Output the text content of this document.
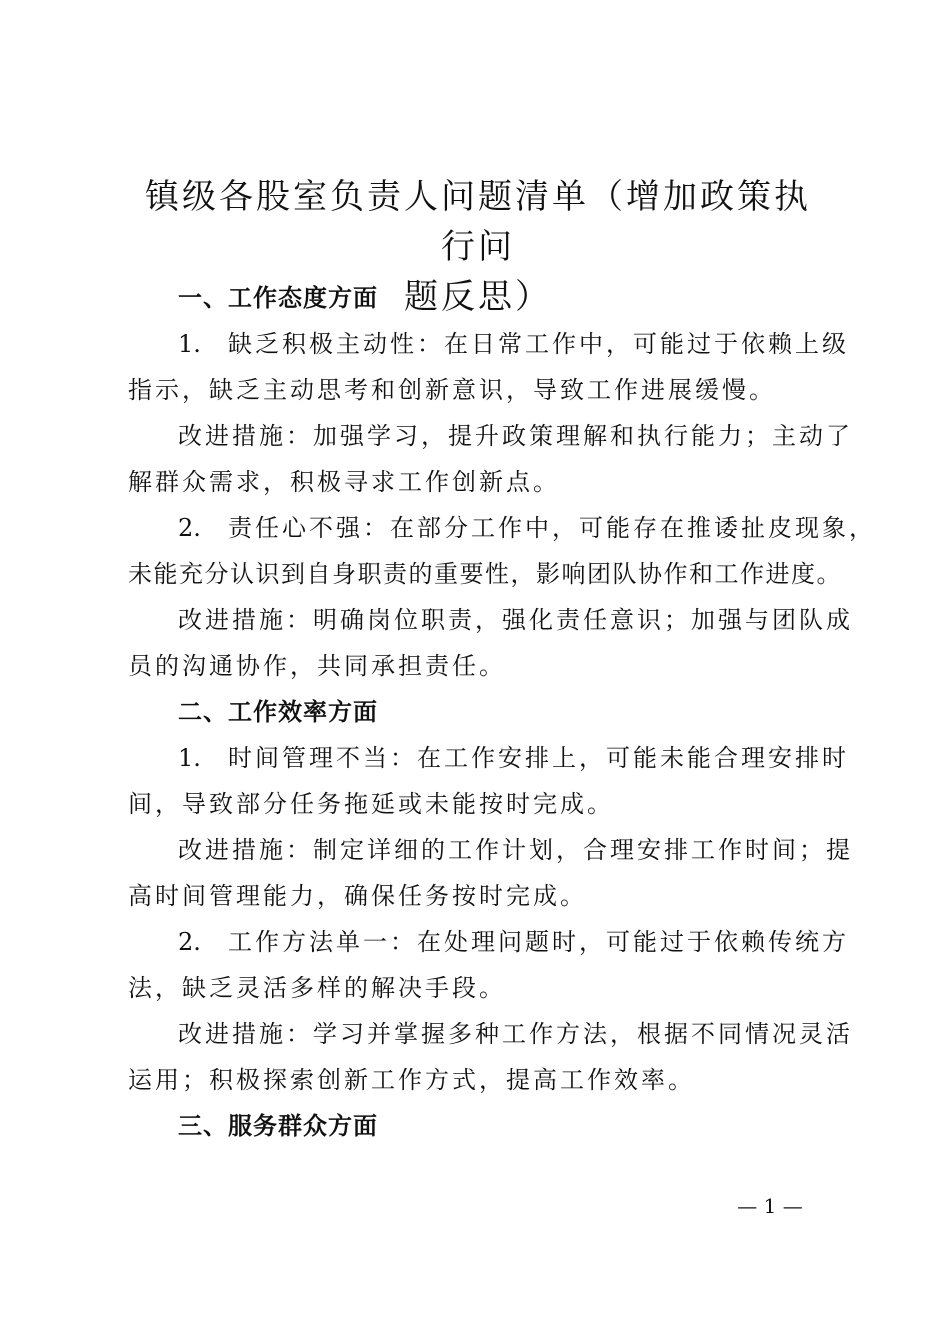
镇级各股室负责人问题清单（增加政策执行问
题反思）

一、工作态度方面

1. 缺乏积极主动性：在日常工作中，可能过于依赖上级

指示，缺乏主动思考和创新意识，导致工作进展缓慢。

改进措施：加强学习，提升政策理解和执行能力；主动了

解群众需求，积极寻求工作创新点。

2. 责任心不强：在部分工作中，可能存在推诿扯皮现象，

未能充分认识到自身职责的重要性，影响团队协作和工作进度。

改进措施：明确岗位职责，强化责任意识；加强与团队成

员的沟通协作，共同承担责任。

二、工作效率方面

1. 时间管理不当：在工作安排上，可能未能合理安排时

间，导致部分任务拖延或未能按时完成。

改进措施：制定详细的工作计划，合理安排工作时间；提

高时间管理能力，确保任务按时完成。

2. 工作方法单一：在处理问题时，可能过于依赖传统方

法，缺乏灵活多样的解决手段。

改进措施：学习并掌握多种工作方法，根据不同情况灵活

运用；积极探索创新工作方式，提高工作效率。

三、服务群众方面

— 1 —
